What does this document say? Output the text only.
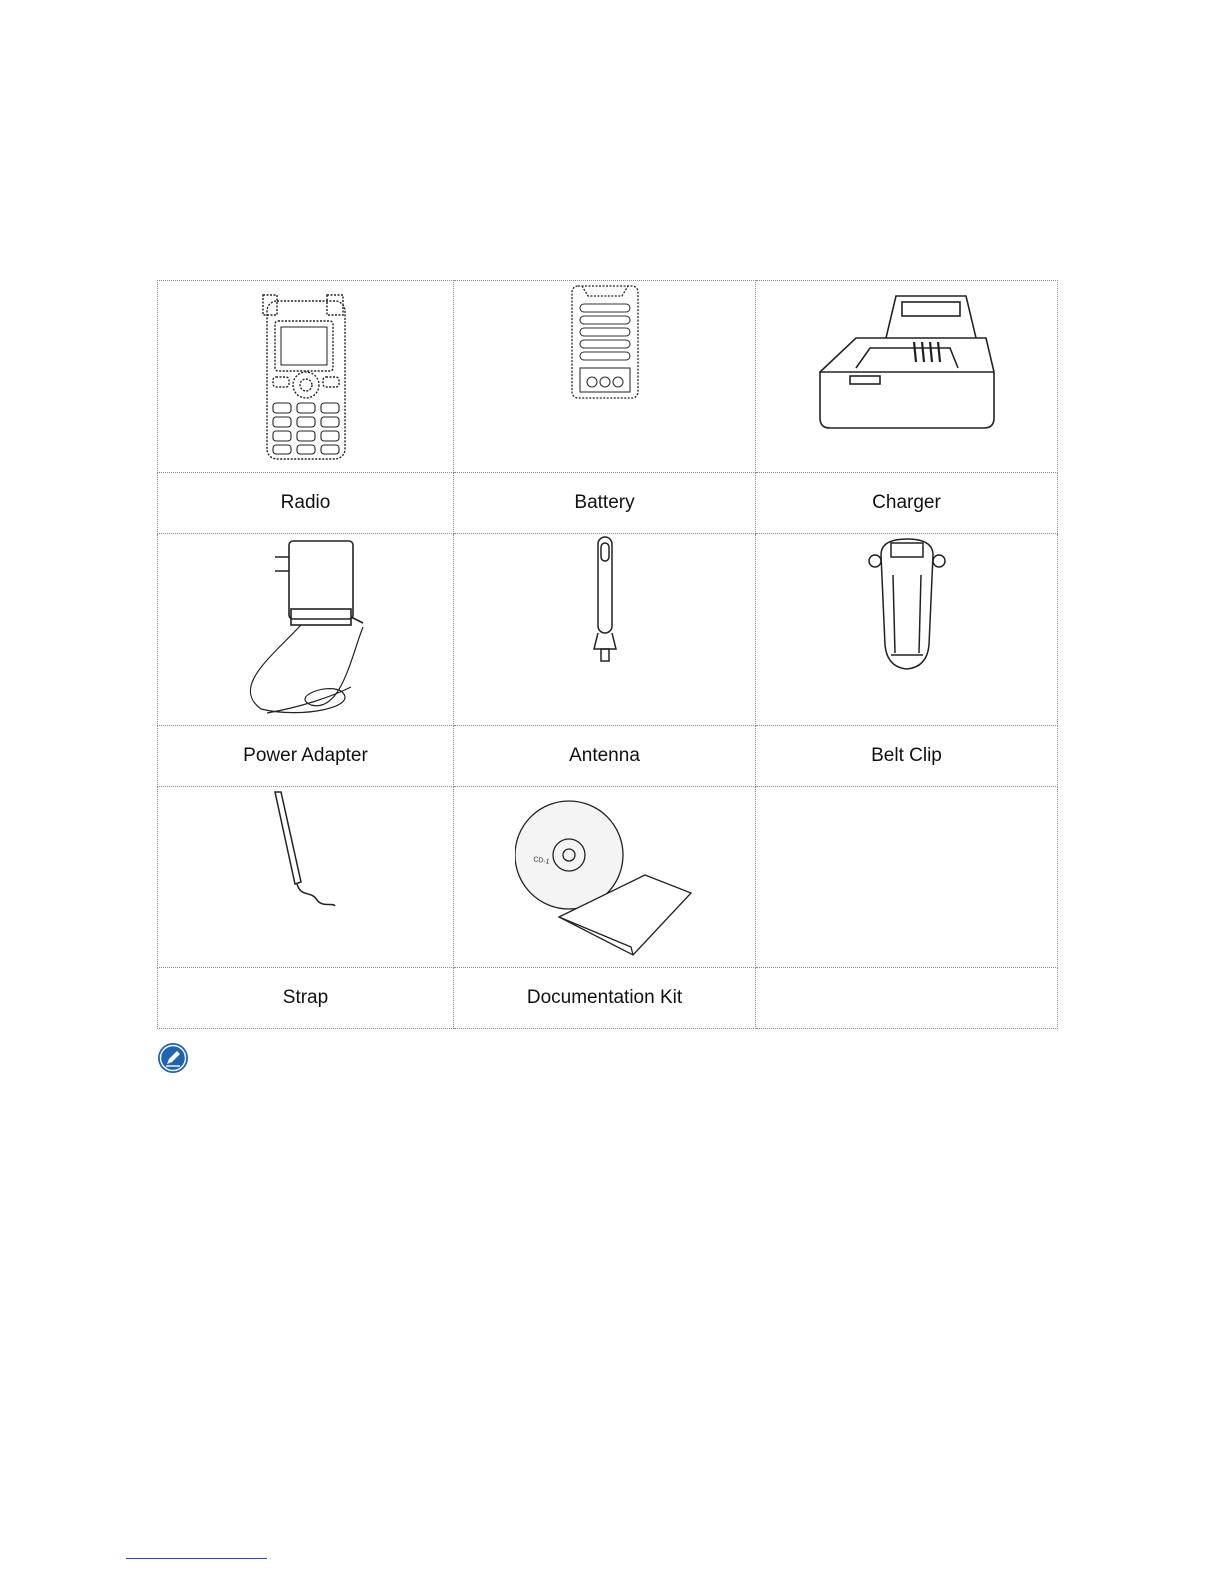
Radio	Battery	Charger

Power Adapter	Antenna	Belt Clip

CD-1	

Strap	Documentation Kit	
